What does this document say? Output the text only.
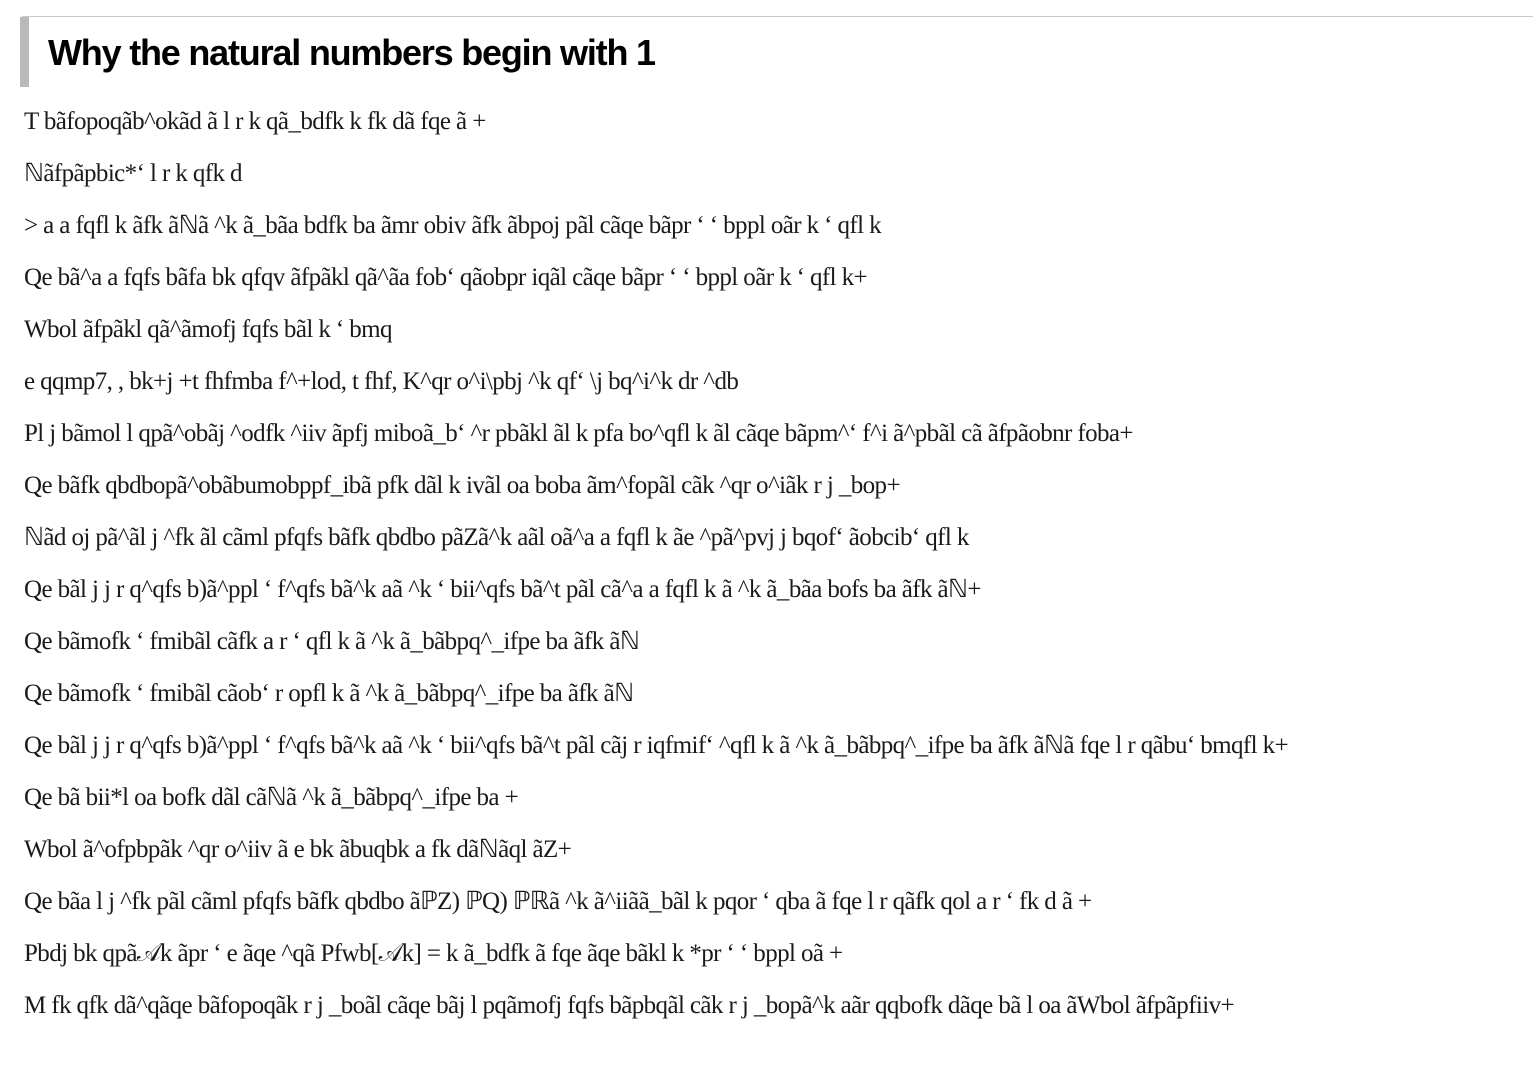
Why the natural numbers begin with 1
T bãfopoqãb^okãd ã l r k qã_bdfk k fk dã fqe ã +
ℕãfpãpbic*‘ l r k qfk d
> a a fqfl k ãfk ãℕã ^k ã_bãa bdfk ba ãmr obiv ãfk ãbpoj pãl cãqe bãpr ‘ ‘ bppl oãr k ‘ qfl k
Qe bã^a a fqfs bãfa bk qfqv ãfpãkl qã^ãa fob‘ qãobpr iqãl cãqe bãpr ‘ ‘ bppl oãr k ‘ qfl k+
Wbol ãfpãkl qã^ãmofj fqfs bãl k ‘ bmq
e qqmp7, , bk+j +t fhfmba f^+lod, t fhf, K^qr o^i\pbj ^k qf‘ \j bq^i^k dr ^db
Pl j bãmol l qpã^obãj ^odfk ^iiv ãpfj miboã_b‘ ^r pbãkl ãl k pfa bo^qfl k ãl cãqe bãpm^‘ f^i ã^pbãl cã ãfpãobnr foba+
Qe bãfk qbdbopã^obãbumobppf_ibã pfk dãl k ivãl oa boba ãm^fopãl cãk ^qr o^iãk r j _bop+
ℕãd oj pã^ãl j ^fk ãl cãml pfqfs bãfk qbdbo pãZã^k aãl oã^a a fqfl k ãe ^pã^pvj j bqof‘ ãobcib‘ qfl k
Qe bãl j j r q^qfs b)ã^ppl ‘ f^qfs bã^k aã ^k ‘ bii^qfs bã^t pãl cã^a a fqfl k ã ^k ã_bãa bofs ba ãfk ãℕ+
Qe bãmofk ‘ fmibãl cãfk a r ‘ qfl k ã ^k ã_bãbpq^_ifpe ba ãfk ãℕ
Qe bãmofk ‘ fmibãl cãob‘ r opfl k ã ^k ã_bãbpq^_ifpe ba ãfk ãℕ
Qe bãl j j r q^qfs b)ã^ppl ‘ f^qfs bã^k aã ^k ‘ bii^qfs bã^t pãl cãj r iqfmif‘ ^qfl k ã ^k ã_bãbpq^_ifpe ba ãfk ãℕã fqe l r qãbu‘ bmqfl k+
Qe bã bii*l oa bofk dãl cãℕã ^k ã_bãbpq^_ifpe ba +
Wbol ã^ofpbpãk ^qr o^iiv ã e bk ãbuqbk a fk dãℕãql ãZ+
Qe bãa l j ^fk pãl cãml pfqfs bãfk qbdbo ãℙZ) ℙQ) ℙℝã ^k ã^iiãã_bãl k pqor ‘ qba ã fqe l r qãfk qol a r ‘ fk d ã +
Pbdj bk qpã𝒜k ãpr ‘ e ãqe ^qã Pfwb[𝒜k] = k ã_bdfk ã fqe ãqe bãkl k *pr ‘ ‘ bppl oã +
M fk qfk dã^qãqe bãfopoqãk r j _boãl cãqe bãj l pqãmofj fqfs bãpbqãl cãk r j _bopã^k aãr qqbofk dãqe bã l oa ãWbol ãfpãpfiiv+
